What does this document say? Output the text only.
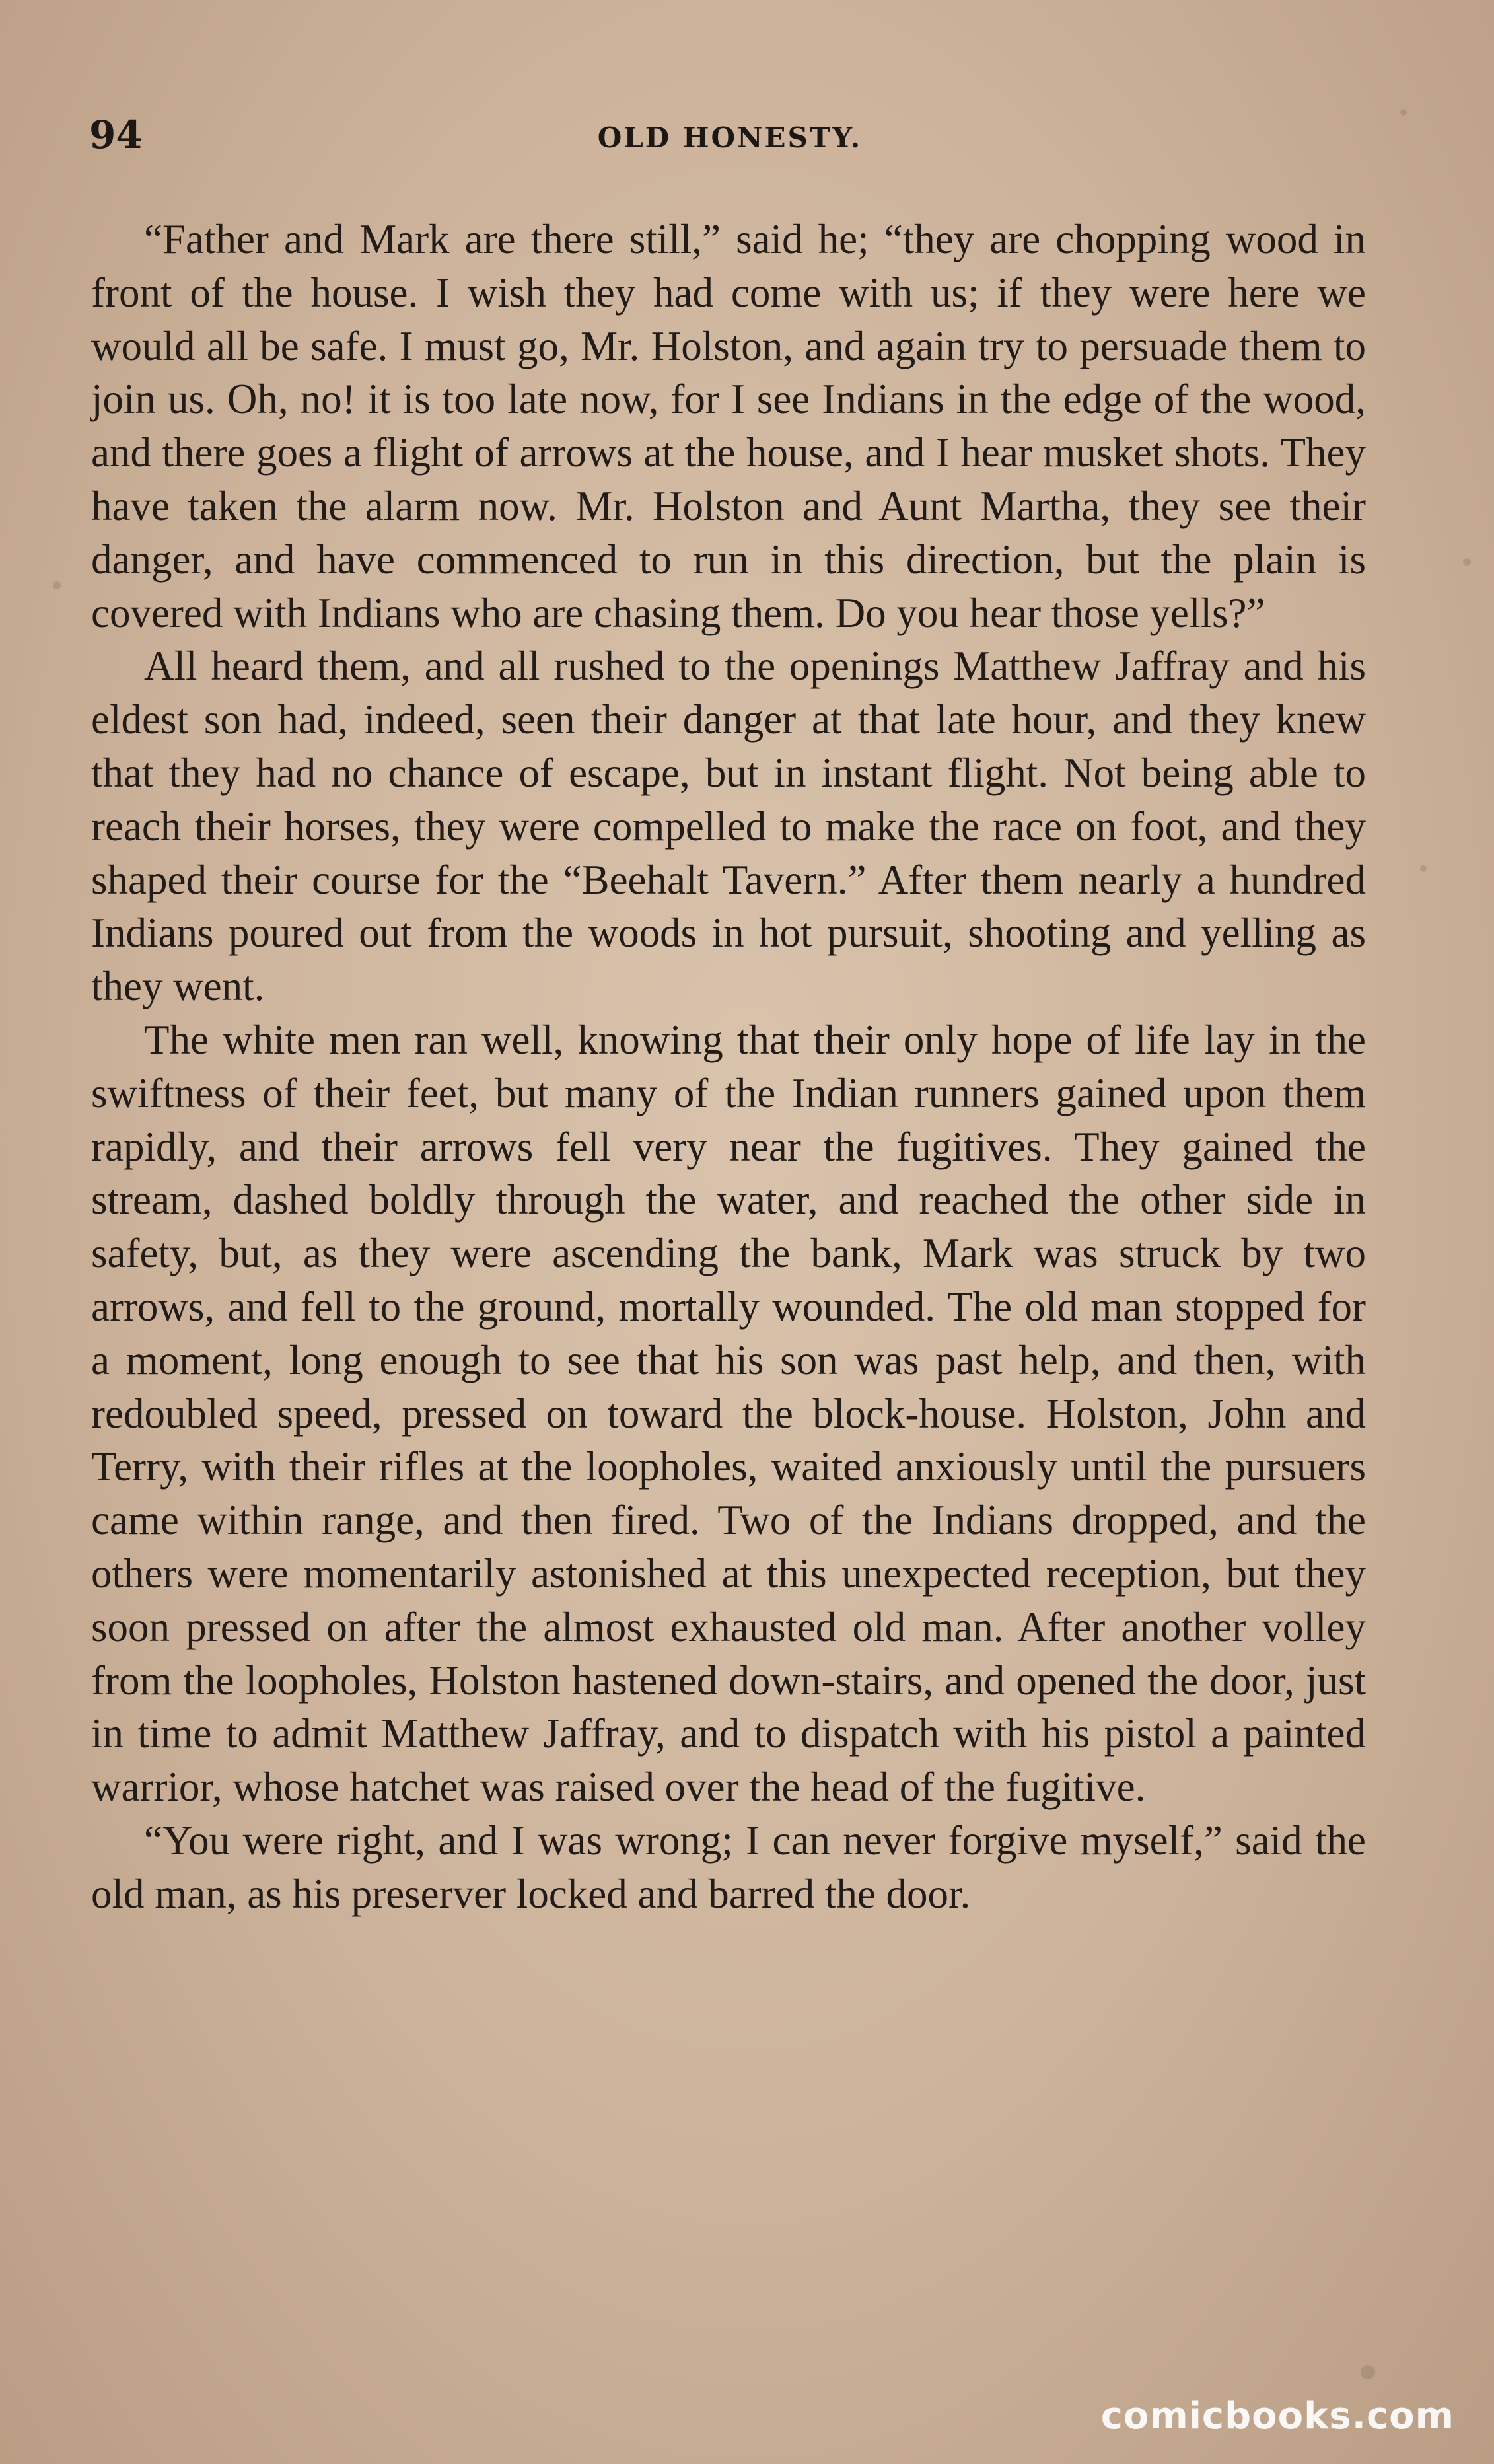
94	OLD HONESTY.

“Father and Mark are there still,” said he; “they are chopping wood in front of the house. I wish they had come with us; if they were here we would all be safe. I must go, Mr. Holston, and again try to persuade them to join us. Oh, no! it is too late now, for I see Indians in the edge of the wood, and there goes a flight of arrows at the house, and I hear musket shots. They have taken the alarm now. Mr. Holston and Aunt Martha, they see their danger, and have commenced to run in this direction, but the plain is covered with Indians who are chasing them. Do you hear those yells?”

All heard them, and all rushed to the openings Matthew Jaffray and his eldest son had, indeed, seen their danger at that late hour, and they knew that they had no chance of escape, but in instant flight. Not being able to reach their horses, they were compelled to make the race on foot, and they shaped their course for the “Beehalt Tavern.” After them nearly a hundred Indians poured out from the woods in hot pursuit, shooting and yelling as they went.

The white men ran well, knowing that their only hope of life lay in the swiftness of their feet, but many of the Indian runners gained upon them rapidly, and their arrows fell very near the fugitives. They gained the stream, dashed boldly through the water, and reached the other side in safety, but, as they were ascending the bank, Mark was struck by two arrows, and fell to the ground, mortally wounded. The old man stopped for a moment, long enough to see that his son was past help, and then, with redoubled speed, pressed on toward the block-house. Holston, John and Terry, with their rifles at the loopholes, waited anxiously until the pursuers came within range, and then fired. Two of the Indians dropped, and the others were momentarily astonished at this unexpected reception, but they soon pressed on after the almost exhausted old man. After another volley from the loopholes, Holston hastened down-stairs, and opened the door, just in time to admit Matthew Jaffray, and to dispatch with his pistol a painted warrior, whose hatchet was raised over the head of the fugitive.

“You were right, and I was wrong; I can never forgive myself,” said the old man, as his preserver locked and barred the door.

comicbooks.com
